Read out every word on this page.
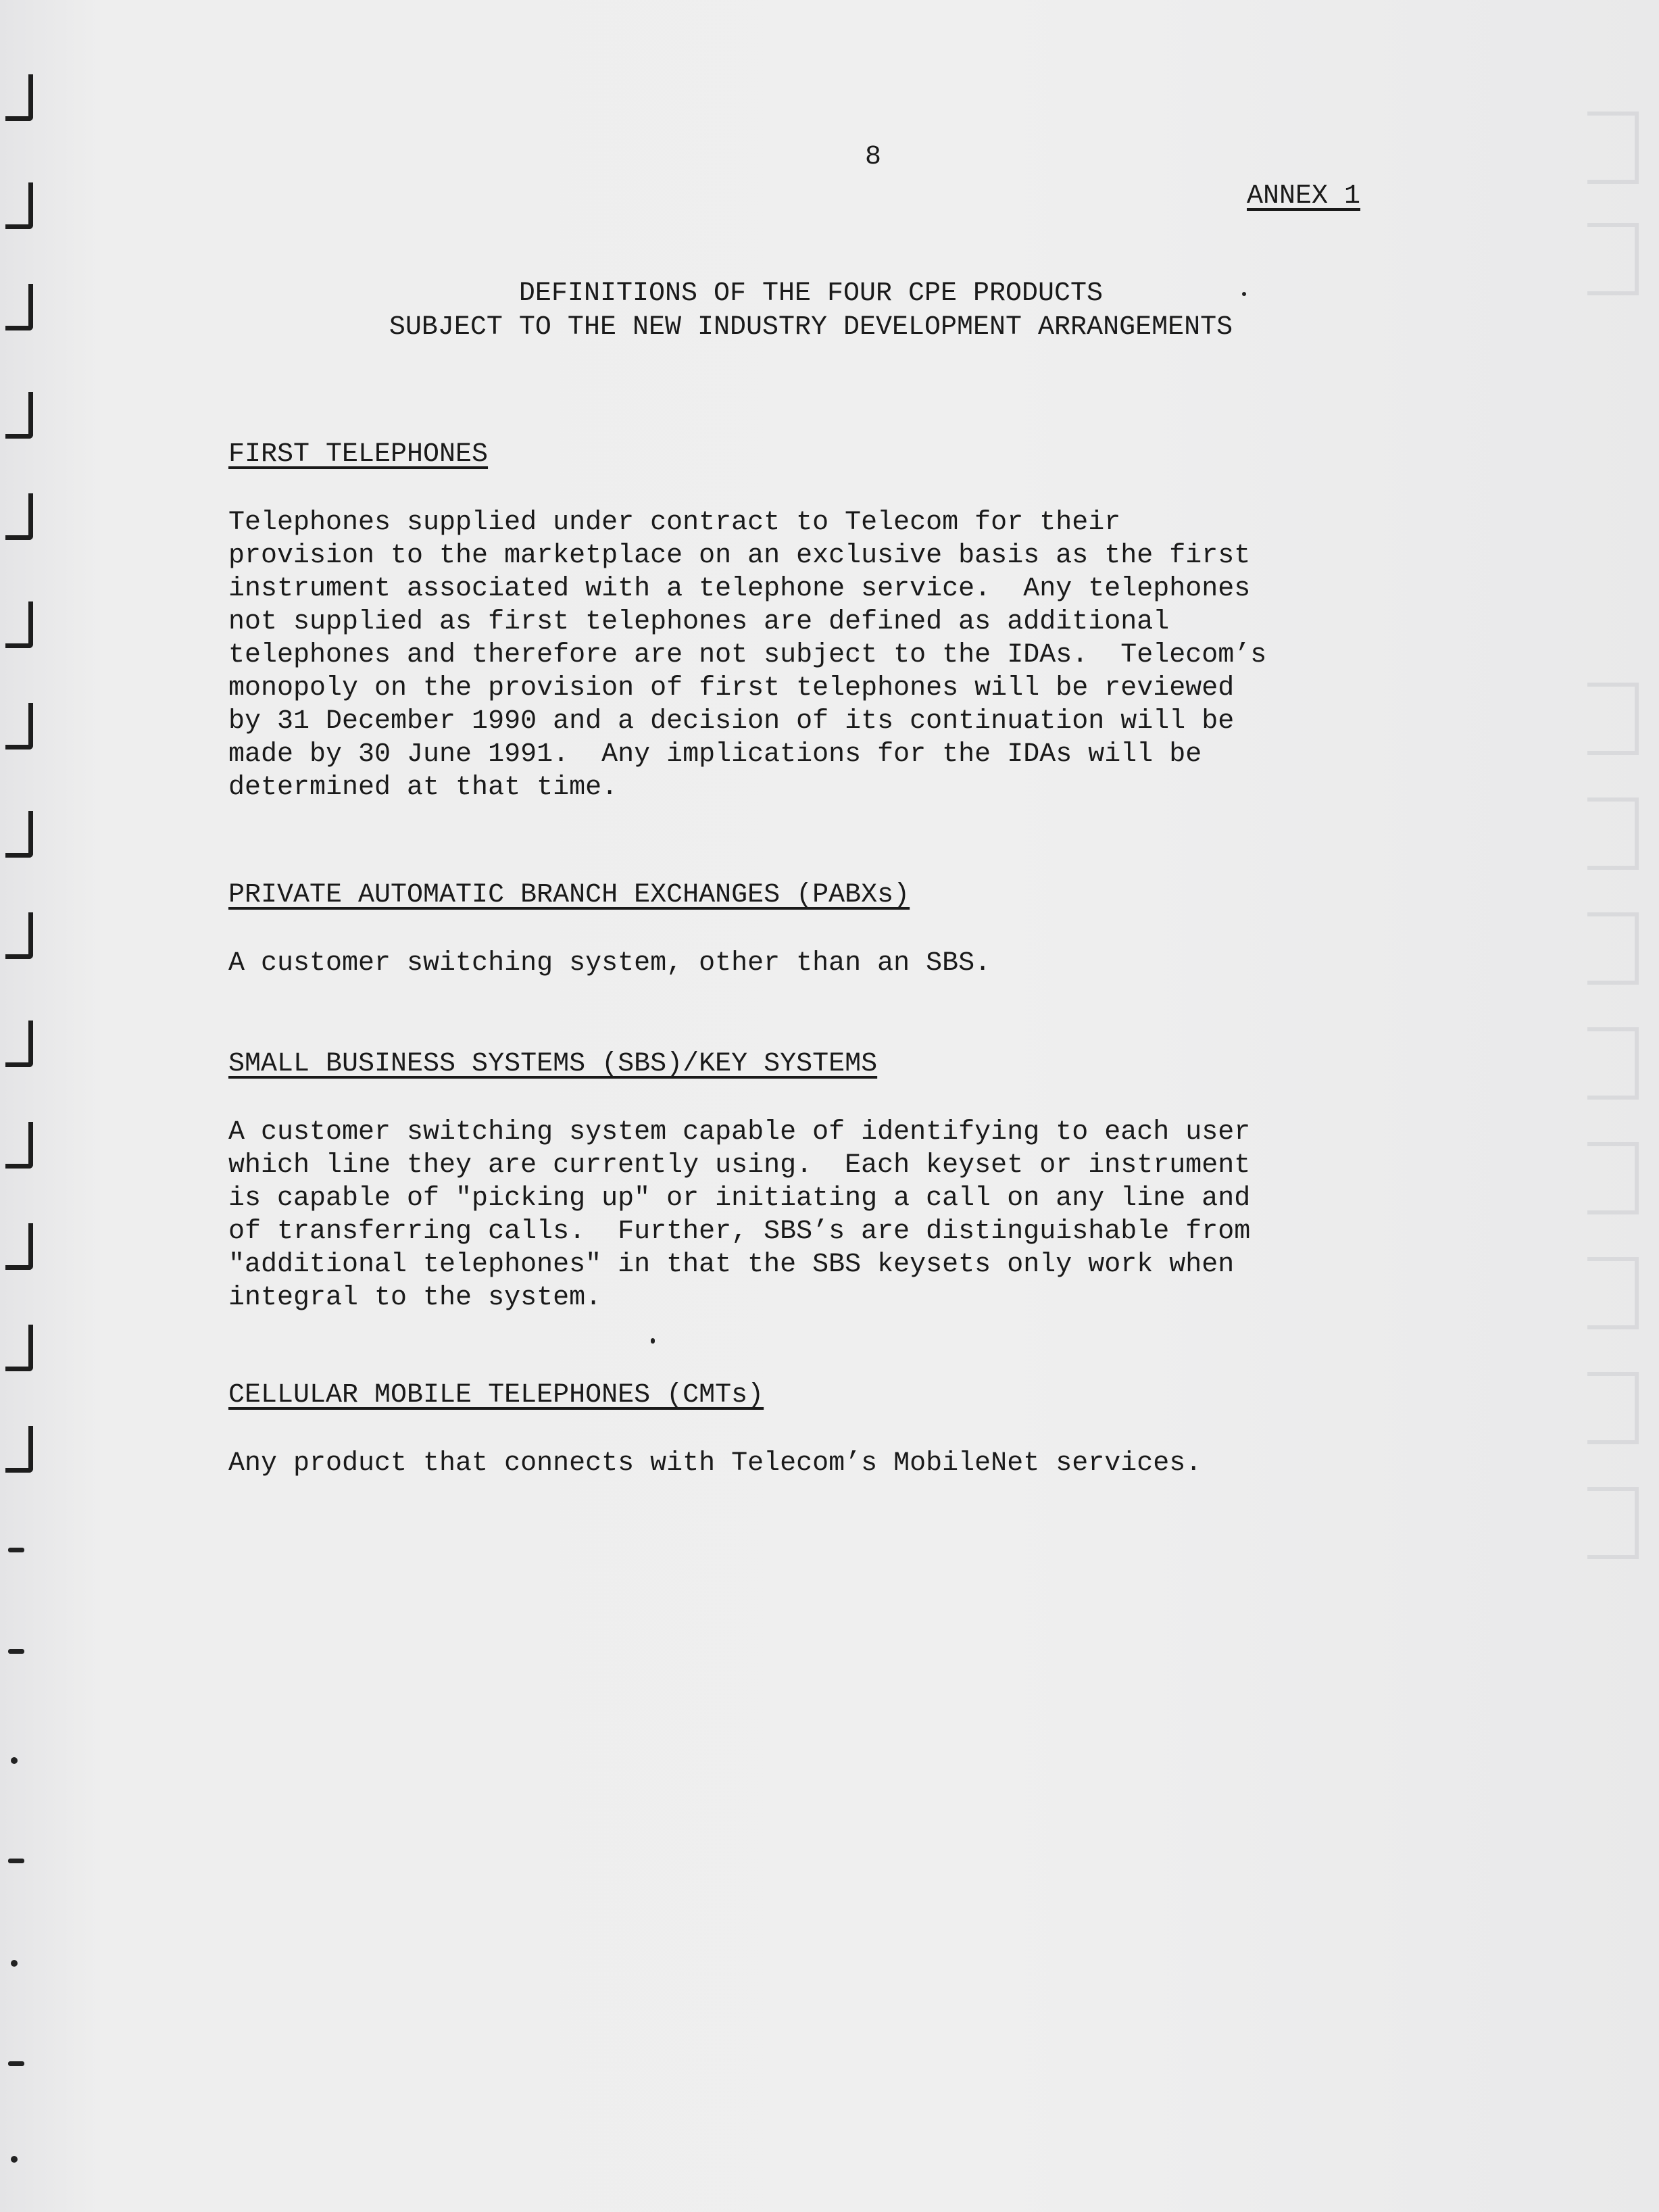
8
ANNEX 1
DEFINITIONS OF THE FOUR CPE PRODUCTS
SUBJECT TO THE NEW INDUSTRY DEVELOPMENT ARRANGEMENTS
FIRST TELEPHONES
Telephones supplied under contract to Telecom for their
provision to the marketplace on an exclusive basis as the first
instrument associated with a telephone service.  Any telephones
not supplied as first telephones are defined as additional
telephones and therefore are not subject to the IDAs.  Telecom’s
monopoly on the provision of first telephones will be reviewed
by 31 December 1990 and a decision of its continuation will be
made by 30 June 1991.  Any implications for the IDAs will be
determined at that time.
PRIVATE AUTOMATIC BRANCH EXCHANGES (PABXs)
A customer switching system, other than an SBS.
SMALL BUSINESS SYSTEMS (SBS)/KEY SYSTEMS
A customer switching system capable of identifying to each user
which line they are currently using.  Each keyset or instrument
is capable of "picking up" or initiating a call on any line and
of transferring calls.  Further, SBS’s are distinguishable from
"additional telephones" in that the SBS keysets only work when
integral to the system.
CELLULAR MOBILE TELEPHONES (CMTs)
Any product that connects with Telecom’s MobileNet services.
